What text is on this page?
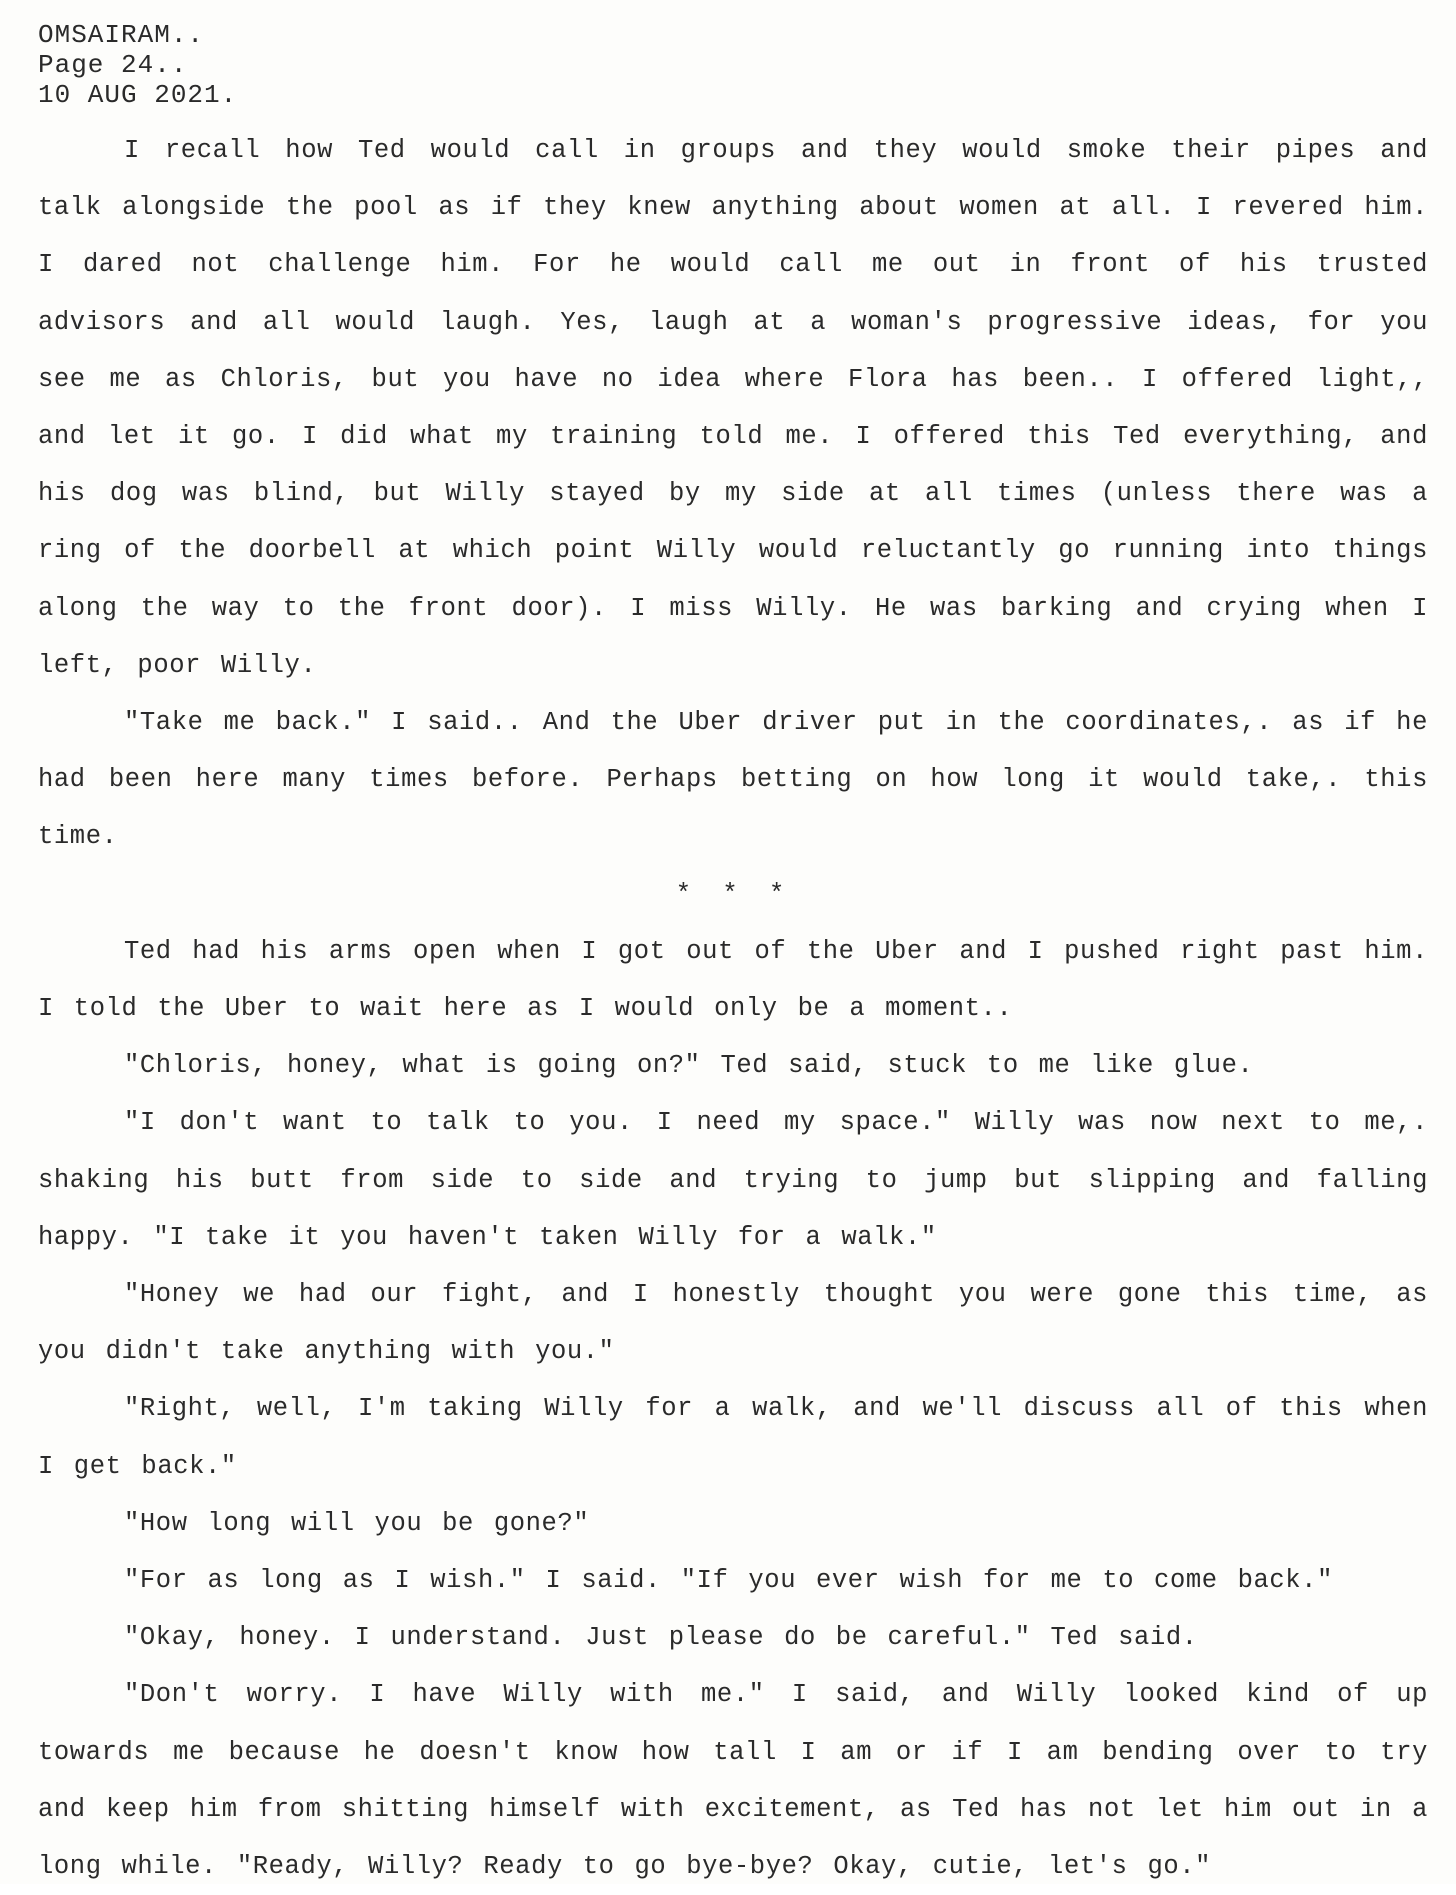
OMSAIRAM..
Page 24..
10 AUG 2021.

I recall how Ted would call in groups and they would smoke their pipes and talk alongside the pool as if they knew anything about women at all. I revered him. I dared not challenge him. For he would call me out in front of his trusted advisors and all would laugh. Yes, laugh at a woman's progressive ideas, for you see me as Chloris, but you have no idea where Flora has been.. I offered light,, and let it go. I did what my training told me. I offered this Ted everything, and his dog was blind, but Willy stayed by my side at all times (unless there was a ring of the doorbell at which point Willy would reluctantly go running into things along the way to the front door). I miss Willy. He was barking and crying when I left, poor Willy.

"Take me back." I said.. And the Uber driver put in the coordinates,. as if he had been here many times before. Perhaps betting on how long it would take,. this time.

* * *

Ted had his arms open when I got out of the Uber and I pushed right past him. I told the Uber to wait here as I would only be a moment..

"Chloris, honey, what is going on?" Ted said, stuck to me like glue.

"I don't want to talk to you. I need my space." Willy was now next to me,. shaking his butt from side to side and trying to jump but slipping and falling happy. "I take it you haven't taken Willy for a walk."

"Honey we had our fight, and I honestly thought you were gone this time, as you didn't take anything with you."

"Right, well, I'm taking Willy for a walk, and we'll discuss all of this when I get back."

"How long will you be gone?"

"For as long as I wish." I said. "If you ever wish for me to come back."

"Okay, honey. I understand. Just please do be careful." Ted said.

"Don't worry. I have Willy with me." I said, and Willy looked kind of up towards me because he doesn't know how tall I am or if I am bending over to try and keep him from shitting himself with excitement, as Ted has not let him out in a long while. "Ready, Willy? Ready to go bye-bye? Okay, cutie, let's go."
